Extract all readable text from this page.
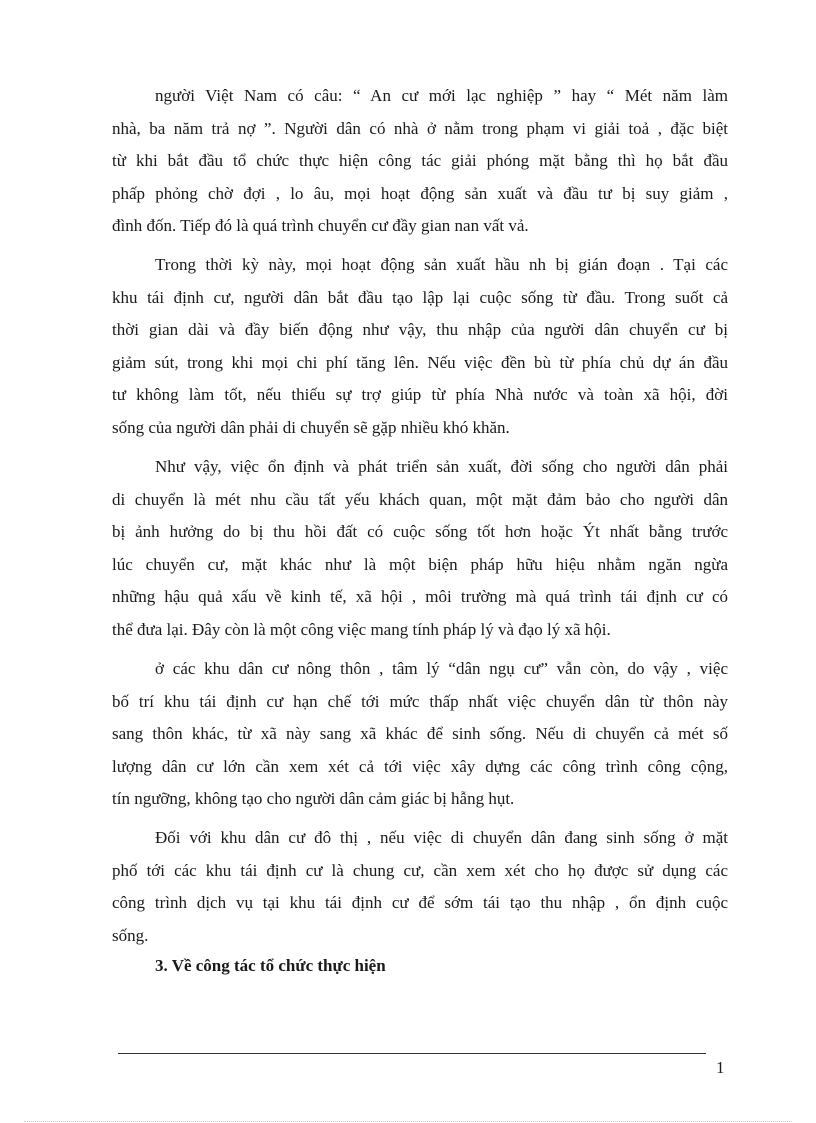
người Việt Nam có câu: “ An cư mới lạc nghiệp ” hay “ Mét năm làm
nhà, ba năm trả nợ ”. Người dân có nhà ở nằm trong phạm vi giải toả , đặc biệt
từ khi bắt đầu tổ chức thực hiện công tác giải phóng mặt bằng thì họ bắt đầu
phấp phỏng chờ đợi , lo âu, mọi hoạt động sản xuất và đầu tư bị suy giảm ,
đình đốn. Tiếp đó là quá trình chuyển cư đầy gian nan vất vả.
Trong thời kỳ này, mọi hoạt động sản xuất hầu nh bị gián đoạn . Tại các
khu tái định cư, người dân bắt đầu tạo lập lại cuộc sống từ đầu. Trong suốt cả
thời gian dài và đầy biến động như vậy, thu nhập của người dân chuyển cư bị
giảm sút, trong khi mọi chi phí tăng lên. Nếu việc đền bù từ phía chủ dự án đầu
tư không làm tốt, nếu thiếu sự trợ giúp từ phía Nhà nước và toàn xã hội, đời
sống của người dân phải di chuyển sẽ gặp nhiều khó khăn.
Như vậy, việc ổn định và phát triển sản xuất, đời sống cho người dân phải
di chuyển là mét nhu cầu tất yếu khách quan, một mặt đảm bảo cho người dân
bị ảnh hưởng do bị thu hồi đất có cuộc sống tốt hơn hoặc Ýt nhất bằng trước
lúc chuyển cư, mặt khác như là một biện pháp hữu hiệu nhằm ngăn ngừa
những hậu quả xấu về kinh tế, xã hội , môi trường mà quá trình tái định cư có
thể đưa lại. Đây còn là một công việc mang tính pháp lý và đạo lý xã hội.
ở các khu dân cư nông thôn , tâm lý “dân ngụ cư” vẫn còn, do vậy , việc
bố trí khu tái định cư hạn chế tới mức thấp nhất việc chuyển dân từ thôn này
sang thôn khác, từ xã này sang xã khác để sinh sống. Nếu di chuyển cả mét số
lượng dân cư lớn cần xem xét cả tới việc xây dựng các công trình công cộng,
tín ngưỡng, không tạo cho người dân cảm giác bị hẫng hụt.
Đối với khu dân cư đô thị , nếu việc di chuyển dân đang sinh sống ở mặt
phố tới các khu tái định cư là chung cư, cần xem xét cho họ được sử dụng các
công trình dịch vụ tại khu tái định cư để sớm tái tạo thu nhập , ổn định cuộc
sống.

3. Về công tác tổ chức thực hiện

1
